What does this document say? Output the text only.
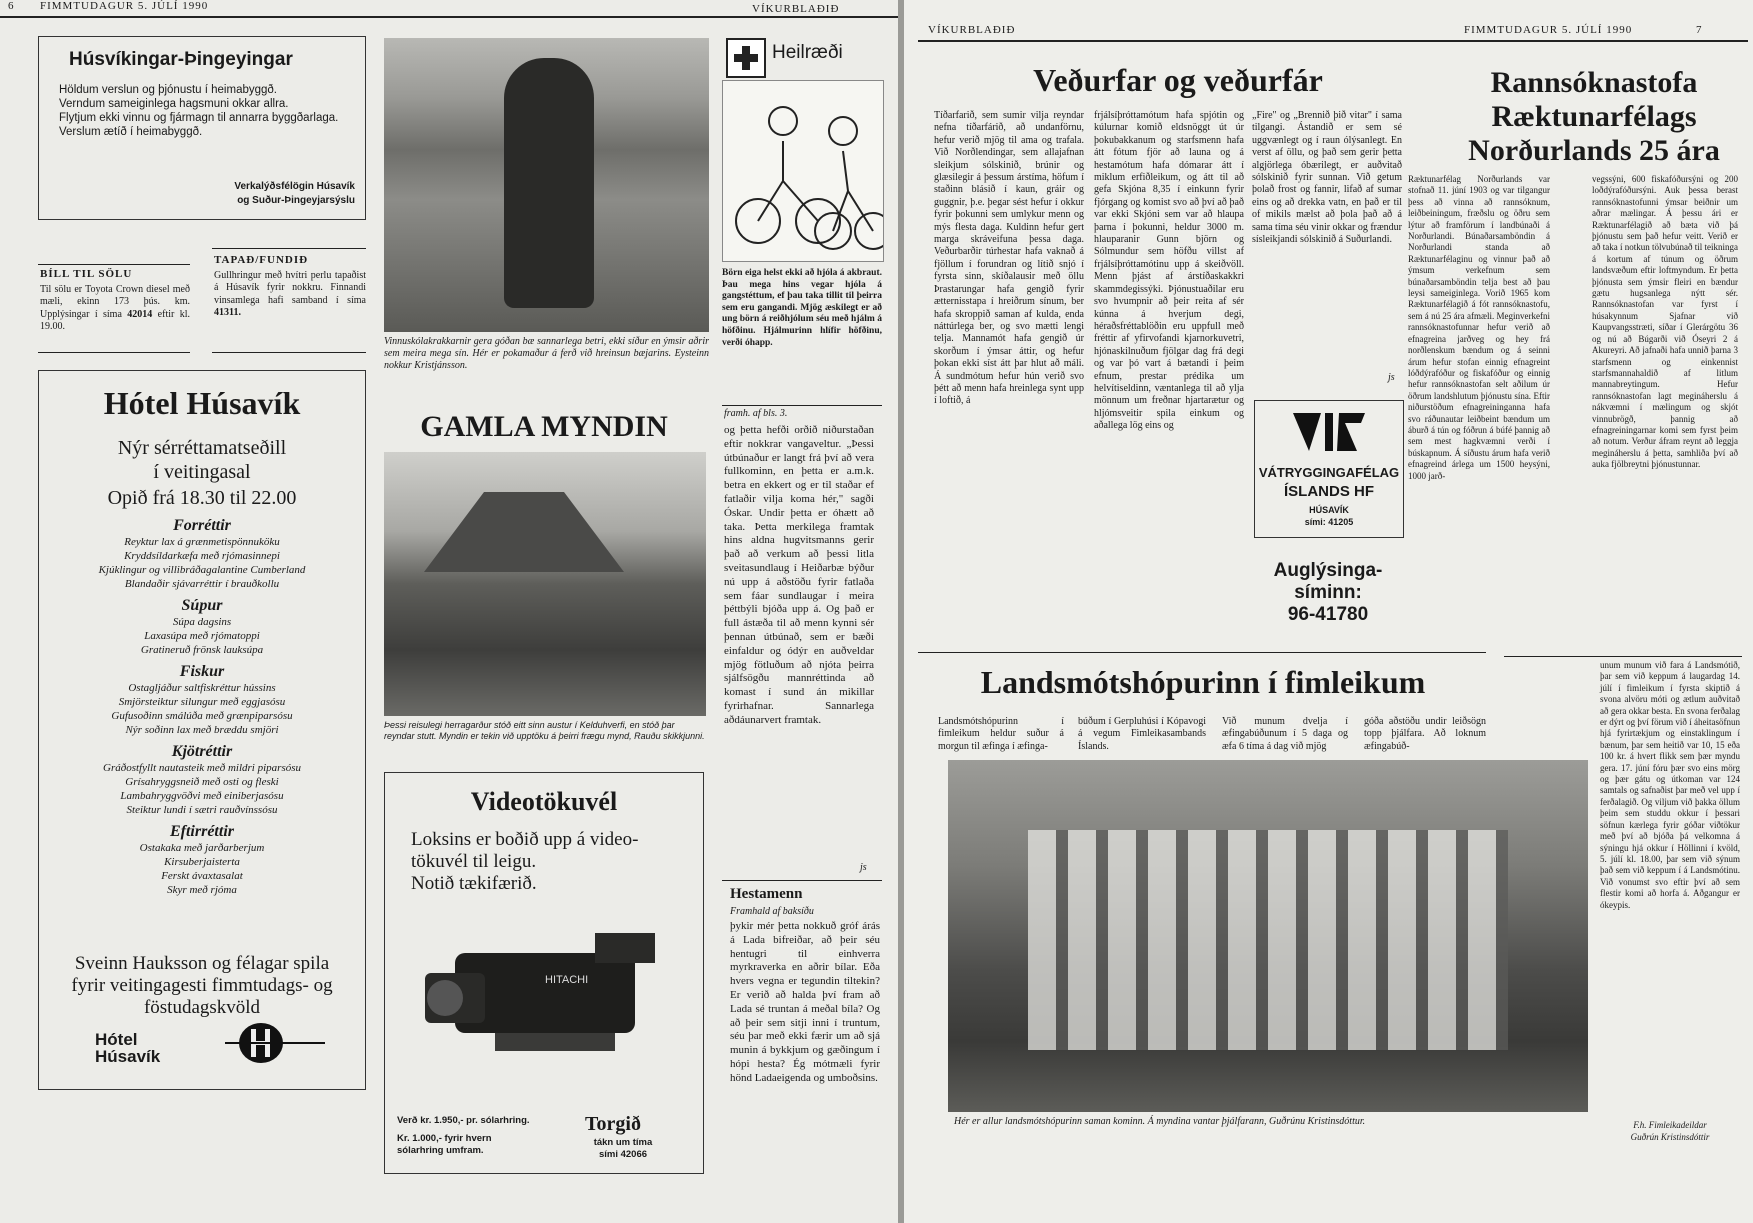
6 FIMMTUDAGUR 5. JÚLÍ 1990	VÍKURBLAÐIÐ
Húsvíkingar-Þingeyingar
Höldum verslun og þjónustu í heimabyggð.
Verndum sameiginlega hagsmuni okkar allra.
Flytjum ekki vinnu og fjármagn til annarra byggðarlaga.
Verslum ætíð í heimabyggð.
Verkalýðsfélögin Húsavík
og Suður-Þingeyjarsýslu
BÍLL TIL SÖLU
Til sölu er Toyota Crown diesel með mæli, ekinn 173 þús. km. Upplýsingar í síma 42014 eftir kl. 19.00.
TAPAÐ/FUNDIÐ
Gullhringur með hvítri perlu tapaðist á Húsavík fyrir nokkru. Finnandi vinsamlega hafi samband í síma 41311.
Vinnuskólakrakkarnir gera góðan bæ sannarlega betri, ekki síður en ýmsir aðrir sem meira mega sín. Hér er pokamaður á ferð við hreinsun bæjarins. Eysteinn nokkur Kristjánsson.
Heilræði
Börn eiga helst ekki að hjóla á akbraut. Þau mega hins vegar hjóla á gangstéttum, ef þau taka tillit til þeirra sem eru gangandi. Mjög æskilegt er að ung börn á reiðhjólum séu með hjálm á höfðinu. Hjálmurinn hlífir höfðinu, verði óhapp.
Hótel Húsavík
Nýr sérréttamatseðill
í veitingasal
Opið frá 18.30 til 22.00
Forréttir
Reyktur lax á grænmetispönnuköku
Kryddsíldarkæfa með rjómasinnepi
Kjúklingur og villibráðagalantine Cumberland
Blandaðir sjávarréttir í brauðkollu
Súpur
Súpa dagsins
Laxasúpa með rjómatoppi
Gratineruð frönsk lauksúpa
Fiskur
Ostagljáður saltfiskréttur hússins
Smjörsteiktur silungur með eggjasósu
Gufusoðinn smálúða með grænpiparsósu
Nýr soðinn lax með bræddu smjöri
Kjötréttir
Gráðostfyllt nautasteik með mildri piparsósu
Grísahryggsneið með osti og fleski
Lambahryggvöðvi með einiberjasósu
Steiktur lundi í sætri rauðvínssósu
Eftirréttir
Ostakaka með jarðarberjum
Kirsuberjaisterta
Ferskt ávaxtasalat
Skyr með rjóma
Sveinn Hauksson og félagar spila fyrir veitingagesti fimmtudags- og föstudagskvöld
Hótel
Húsavík
GAMLA MYNDIN
Þessi reisulegi herragarður stóð eitt sinn austur í Kelduhverfi, en stóð þar reyndar stutt. Myndin er tekin við upptöku á þeirri frægu mynd, Rauðu skikkjunni.
Videotökuvél
Loksins er boðið upp á video-
tökuvél til leigu.
Notið tækifærið.
HITACHI
Verð kr. 1.950,- pr. sólarhring.
Kr. 1.000,- fyrir hvern sólarhring umfram.
Torgið
tákn um tíma sími 42066
framh. af bls. 3.
og þetta hefði orðið niðurstaðan eftir nokkrar vangaveltur. „Þessi útbúnaður er langt frá því að vera fullkominn, en þetta er a.m.k. betra en ekkert og er til staðar ef fatlaðir vilja koma hér," sagði Óskar. Undir þetta er óhætt að taka. Þetta merkilega framtak hins aldna hugvitsmanns gerir það að verkum að þessi litla sveitasundlaug í Heiðarbæ býður nú upp á aðstöðu fyrir fatlaða sem fáar sundlaugar í meira þéttbýli bjóða upp á. Og það er full ástæða til að menn kynni sér þennan útbúnað, sem er bæði einfaldur og ódýr en auðveldar mjög fötluðum að njóta þeirra sjálfsögðu mannréttinda að komast í sund án mikillar fyrirhafnar. Sannarlega aðdáunarvert framtak.
js
Hestamenn
Framhald af baksíðu
þykir mér þetta nokkuð gróf árás á Lada bifreiðar, að þeir séu hentugri til einhverra myrkraverka en aðrir bílar. Eða hvers vegna er tegundin tiltekin? Er verið að halda því fram að Lada sé truntan á meðal bíla? Og að þeir sem sitji inni í truntum, séu þar með ekki færir um að sjá munin á bykkjum og gæðingum í hópi hesta? Ég mótmæli fyrir hönd Ladaeigenda og umboðsins.
VÍKURBLAÐIÐ	FIMMTUDAGUR 5. JÚLÍ 1990	7
Veðurfar og veðurfár
Tíðarfarið, sem sumir vilja reyndar nefna tíðarfárið, að undanförnu, hefur verið mjög til ama og trafala. Við Norðlendingar, sem allajafnan sleikjum sólskinið, brúnir og glæsilegir á þessum árstíma, höfum í staðinn blásið í kaun, gráir og guggnir, þ.e. þegar sést hefur í okkur fyrir þokunni sem umlykur menn og mýs flesta daga. Kuldinn hefur gert marga skráveifuna þessa daga. Veðurbarðir túrhestar hafa vaknað á fjöllum í forundran og lítið snjó í fyrsta sinn, skíðalausir með öllu Þrastarungar hafa gengið fyrir ætternisstapa í hreiðrum sínum, ber hafa skroppið saman af kulda, enda náttúrlega ber, og svo mætti lengi telja. Mannamót hafa gengið úr skorðum í ýmsar áttir, og hefur þokan ekki síst átt þar hlut að máli. Á sundmótum hefur hún verið svo þétt að menn hafa hreinlega synt upp í loftið, á
frjálsíþróttamótum hafa spjótin og kúlurnar komið eldsnöggt út úr þokubakkanum og starfsmenn hafa átt fótum fjör að launa og á hestamótum hafa dómarar átt í miklum erfiðleikum, og átt til að gefa Skjóna 8,35 í einkunn fyrir fjórgang og komist svo að því að það var ekki Skjóni sem var að hlaupa þarna í þokunni, heldur 3000 m. hlauparanir Gunn björn og Sólmundur sem höfðu villst af frjálsíþróttamótinu upp á skeiðvöll. Menn þjást af árstíðaskakkri skammdegissýki. Þjónustuaðilar eru svo hvumpnir að þeir reita af sér kúnna á hverjum degi, héraðsfréttablöðin eru uppfull með fréttir af yfirvofandi kjarnorkuvetri, hjónaskilnuðum fjölgar dag frá degi og var þó vart á bætandi í þeim efnum, prestar prédika um helvítiseldinn, væntanlega til að ylja mönnum um freðnar hjartarætur og hljómsveitir spila einkum og aðallega lög eins og
„Fire" og „Brennið þið vitar" í sama tilgangi. Ástandið er sem sé uggvænlegt og í raun ólýsanlegt. En verst af öllu, og það sem gerir þetta algjörlega óbærilegt, er auðvitað sólskinið fyrir sunnan. Við getum þolað frost og fannir, lifað af sumar eins og að drekka vatn, en það er til of mikils mælst að þola það að á sama tíma séu vinir okkar og frændur sísleikjandi sólskinið á Suðurlandi.
js
VÁTRYGGINGAFÉLAG
ÍSLANDS HF
HÚSAVÍK
sími: 41205
Auglýsinga-
síminn:
96-41780
Rannsóknastofa
Ræktunarfélags
Norðurlands 25 ára
Ræktunarfélag Norðurlands var stofnað 11. júní 1903 og var tilgangur þess að vinna að rannsóknum, leiðbeiningum, fræðslu og öðru sem lýtur að framförum í landbúnaði á Norðurlandi. Búnaðarsamböndin á Norðurlandi standa að Ræktunarfélaginu og vinnur það að ýmsum verkefnum sem búnaðarsamböndin telja best að þau leysi sameiginlega. Vorið 1965 kom Ræktunarfélagið á fót rannsóknastofu, sem á nú 25 ára afmæli. Meginverkefni rannsóknastofunnar hefur verið að efnagreina jarðveg og hey frá norðlenskum bændum og á seinni árum hefur stofan einnig efnagreint lóðdýrafóður og fiskafóður og einnig hefur rannsóknastofan selt aðilum úr öðrum landshlutum þjónustu sína. Eftir niðurstöðum efnagreininganna hafa svo ráðunautar leiðbeint bændum um áburð á tún og fóðrun á búfé þannig að sem mest hagkvæmni verði í búskapnum. Á síðustu árum hafa verið efnagreind árlega um 1500 heysýni, 1000 jarð-
vegssýni, 600 fiskafóðursýni og 200 loðdýrafóðursýni. Auk þessa berast rannsóknastofunni ýmsar beiðnir um aðrar mælingar. Á þessu ári er Ræktunarfélagið að bæta við þá þjónustu sem það hefur veitt. Verið er að taka í notkun tölvubúnað til teikninga á kortum af túnum og öðrum landsvæðum eftir loftmyndum. Er þetta þjónusta sem ýmsir fleiri en bændur gætu hugsanlega nýtt sér. Rannsóknastofan var fyrst í húsakynnum Sjafnar við Kaupvangsstræti, síðar í Glerárgötu 36 og nú að Búgarði við Óseyri 2 á Akureyri. Að jafnaði hafa unnið þarna 3 starfsmenn og einkennist starfsmannahaldið af litlum mannabreytingum. Hefur rannsóknastofan lagt megináherslu á nákvæmni í mælingum og skjót vinnubrögð, þannig að efnagreiningarnar komi sem fyrst þeim að notum. Verður áfram reynt að leggja megináherslu á þetta, samhliða því að auka fjölbreytni þjónustunnar.
Landsmótshópurinn í fimleikum
Landsmótshópurinn í fimleikum heldur suður á morgun til æfinga í æfinga-
búðum í Gerpluhúsi í Kópavogi á vegum Fimleikasambands Íslands.
Við munum dvelja í æfingabúðunum í 5 daga og æfa 6 tíma á dag við mjög
góða aðstöðu undir leiðsögn topp þjálfara. Að loknum æfingabúð-
unum munum við fara á Landsmótið, þar sem við keppum á laugardag 14. júlí í fimleikum í fyrsta skiptið á svona alvöru móti og ætlum auðvitað að gera okkar besta. En svona ferðalag er dýrt og því förum við í áheitasöfnun hjá fyrirtækjum og einstaklingum í bænum, þar sem heitið var 10, 15 eða 100 kr. á hvert flikk sem þær myndu gera. 17. júní fóru þær svo eins mörg og þær gátu og útkoman var 124 samtals og safnaðist þar með vel upp í ferðalagið. Og viljum við þakka öllum þeim sem studdu okkur í þessari söfnun kærlega fyrir góðar viðtökur með því að bjóða þá velkomna á sýningu hjá okkur í Höllinni í kvöld, 5. júlí kl. 18.00, þar sem við sýnum það sem við keppum í á Landsmótinu. Við vonumst svo eftir því að sem flestir komi að horfa á. Aðgangur er ókeypis.
F.h. Fimleikadeildar
Guðrún Kristinsdóttir
Hér er allur landsmótshópurinn saman kominn. Á myndina vantar þjálfarann, Guðrúnu Kristinsdóttur.
